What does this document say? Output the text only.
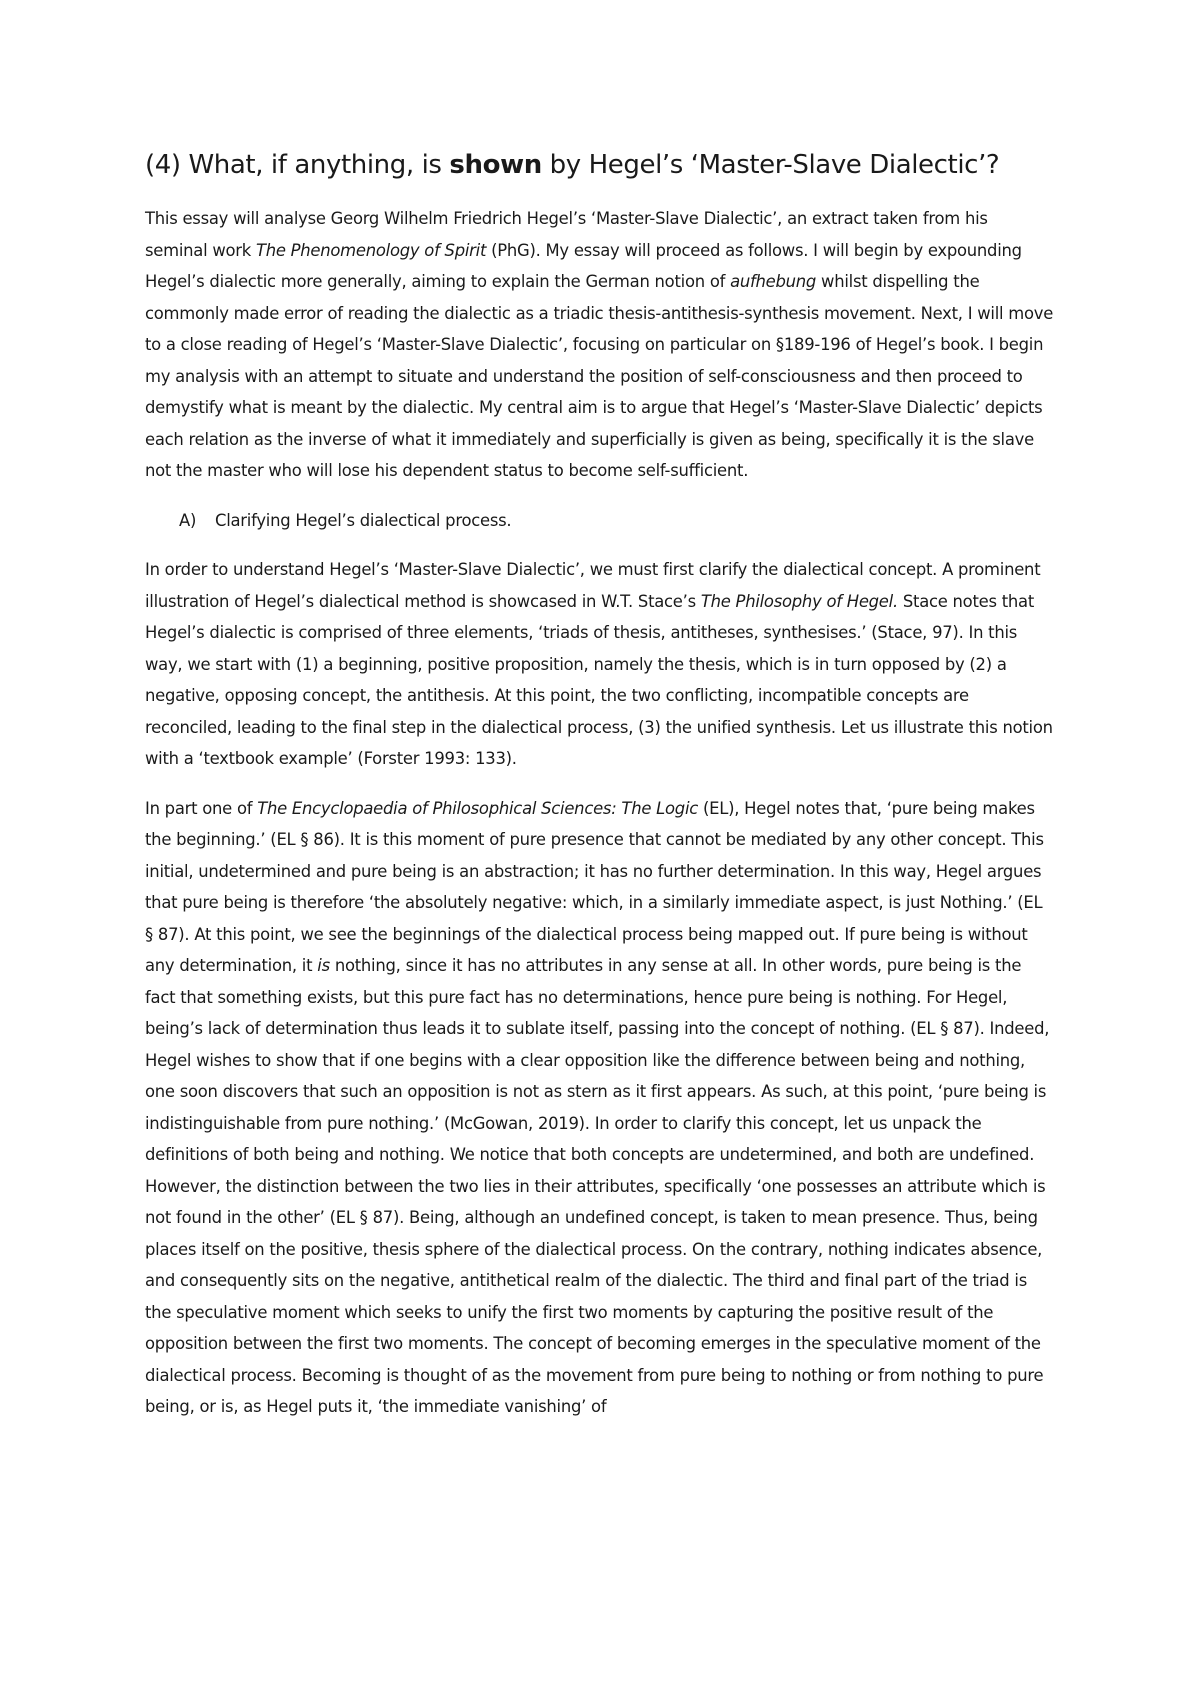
(4) What, if anything, is shown by Hegel’s ‘Master-Slave Dialectic’?

This essay will analyse Georg Wilhelm Friedrich Hegel’s ‘Master-Slave Dialectic’, an extract taken from his seminal work The Phenomenology of Spirit (PhG). My essay will proceed as follows. I will begin by expounding Hegel’s dialectic more generally, aiming to explain the German notion of aufhebung whilst dispelling the commonly made error of reading the dialectic as a triadic thesis-antithesis-synthesis movement. Next, I will move to a close reading of Hegel’s ‘Master-Slave Dialectic’, focusing on particular on §189-196 of Hegel’s book. I begin my analysis with an attempt to situate and understand the position of self-consciousness and then proceed to demystify what is meant by the dialectic. My central aim is to argue that Hegel’s ‘Master-Slave Dialectic’ depicts each relation as the inverse of what it immediately and superficially is given as being, specifically it is the slave not the master who will lose his dependent status to become self-sufficient.

A) Clarifying Hegel’s dialectical process.

In order to understand Hegel’s ‘Master-Slave Dialectic’, we must first clarify the dialectical concept. A prominent illustration of Hegel’s dialectical method is showcased in W.T. Stace’s The Philosophy of Hegel. Stace notes that Hegel’s dialectic is comprised of three elements, ‘triads of thesis, antitheses, synthesises.’ (Stace, 97). In this way, we start with (1) a beginning, positive proposition, namely the thesis, which is in turn opposed by (2) a negative, opposing concept, the antithesis. At this point, the two conflicting, incompatible concepts are reconciled, leading to the final step in the dialectical process, (3) the unified synthesis. Let us illustrate this notion with a ‘textbook example’ (Forster 1993: 133).

In part one of The Encyclopaedia of Philosophical Sciences: The Logic (EL), Hegel notes that, ‘pure being makes the beginning.’ (EL § 86). It is this moment of pure presence that cannot be mediated by any other concept. This initial, undetermined and pure being is an abstraction; it has no further determination. In this way, Hegel argues that pure being is therefore ‘the absolutely negative: which, in a similarly immediate aspect, is just Nothing.’ (EL § 87). At this point, we see the beginnings of the dialectical process being mapped out. If pure being is without any determination, it is nothing, since it has no attributes in any sense at all. In other words, pure being is the fact that something exists, but this pure fact has no determinations, hence pure being is nothing. For Hegel, being’s lack of determination thus leads it to sublate itself, passing into the concept of nothing. (EL § 87). Indeed, Hegel wishes to show that if one begins with a clear opposition like the difference between being and nothing, one soon discovers that such an opposition is not as stern as it first appears. As such, at this point, ‘pure being is indistinguishable from pure nothing.’ (McGowan, 2019). In order to clarify this concept, let us unpack the definitions of both being and nothing. We notice that both concepts are undetermined, and both are undefined. However, the distinction between the two lies in their attributes, specifically ‘one possesses an attribute which is not found in the other’ (EL § 87). Being, although an undefined concept, is taken to mean presence. Thus, being places itself on the positive, thesis sphere of the dialectical process. On the contrary, nothing indicates absence, and consequently sits on the negative, antithetical realm of the dialectic. The third and final part of the triad is the speculative moment which seeks to unify the first two moments by capturing the positive result of the opposition between the first two moments. The concept of becoming emerges in the speculative moment of the dialectical process. Becoming is thought of as the movement from pure being to nothing or from nothing to pure being, or is, as Hegel puts it, ‘the immediate vanishing’ of
